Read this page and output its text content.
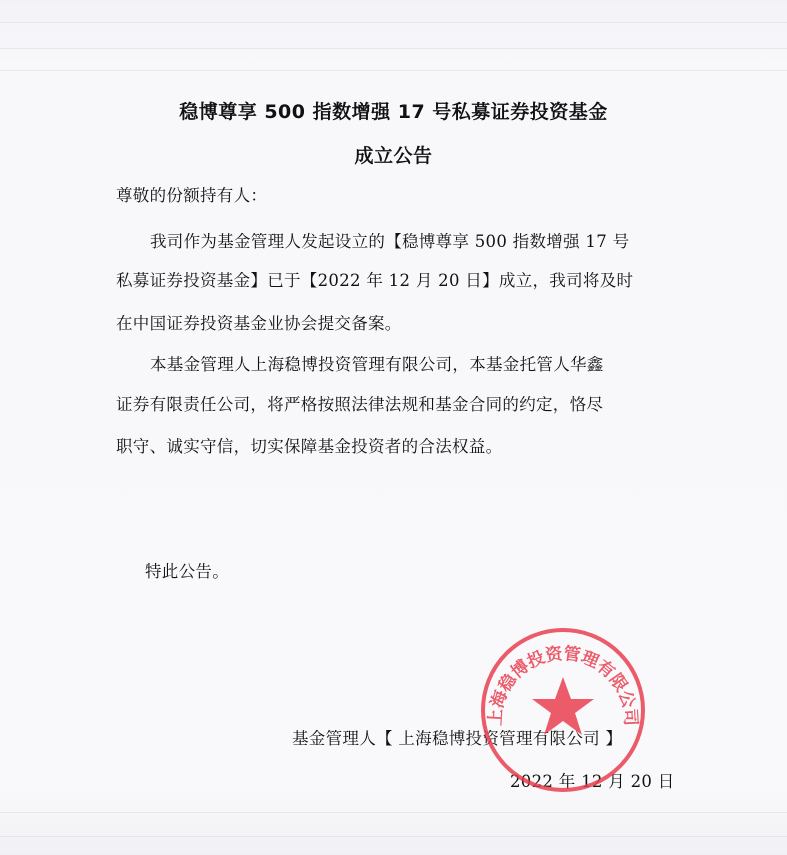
稳博尊享 500 指数增强 17 号私募证券投资基金
成立公告
尊敬的份额持有人：
我司作为基金管理人发起设立的【稳博尊享 500 指数增强 17 号
私募证券投资基金】已于【2022 年 12 月 20 日】成立，我司将及时
在中国证券投资基金业协会提交备案。
本基金管理人上海稳博投资管理有限公司，本基金托管人华鑫
证券有限责任公司，将严格按照法律法规和基金合同的约定，恪尽
职守、诚实守信，切实保障基金投资者的合法权益。
特此公告。
基金管理人【 上海稳博投资管理有限公司 】
2022 年 12 月 20 日
上海稳博投资管理有限公司
